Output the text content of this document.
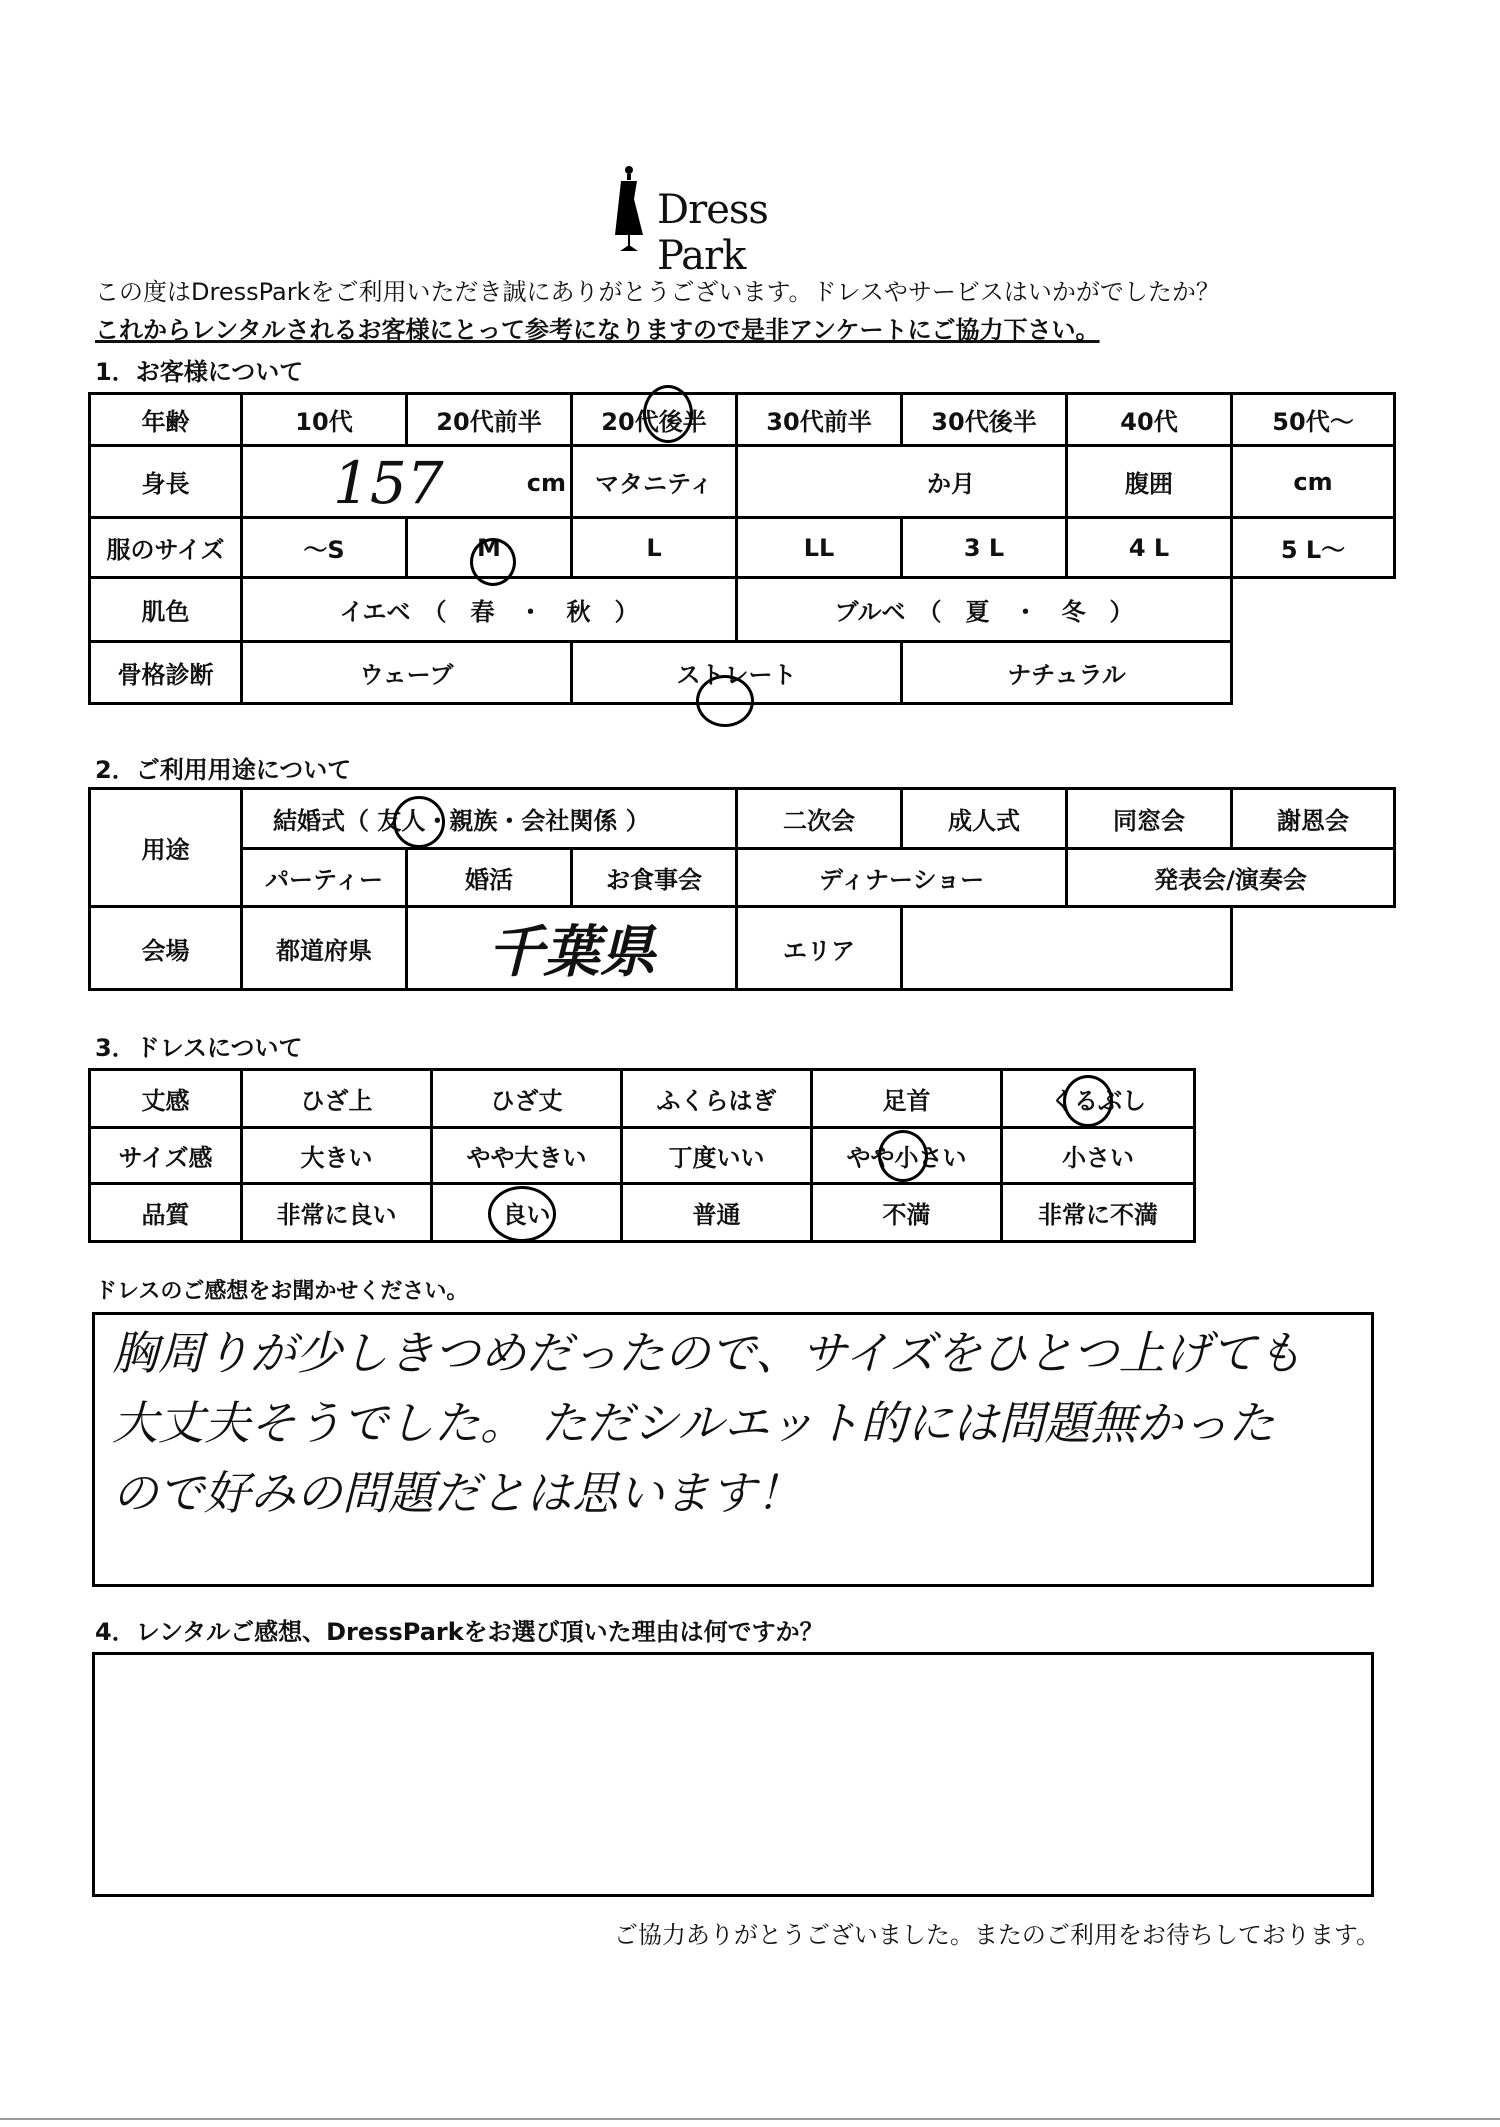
Dress Park
この度はDressParkをご利用いただき誠にありがとうございます。ドレスやサービスはいかがでしたか？
これからレンタルされるお客様にとって参考になりますので是非アンケートにご協力下さい。
1．お客様について
年齢	10代	20代前半	20代後半	30代前半	30代後半	40代	50代～
身長	157 cm		マタニティ	か月		腹囲	cm
服のサイズ	～S	M	L	LL	3 L	4 L	5 L～
肌色	イエベ　（　春　・　秋　）			ブルベ　（　夏　・　冬　）			
骨格診断	ウェーブ		ストレート		ナチュラル		
2．ご利用用途について
用途	結婚式（ 友人・親族・会社関係 ）			二次会	成人式	同窓会	謝恩会
	パーティー	婚活	お食事会	ディナーショー		発表会/演奏会	
会場	都道府県	千葉県		エリア			
3．ドレスについて
丈感	ひざ上	ひざ丈	ふくらはぎ	足首	くるぶし
サイズ感	大きい	やや大きい	丁度いい	やや小さい	小さい
品質	非常に良い	良い	普通	不満	非常に不満
ドレスのご感想をお聞かせください。
胸周りが少しきつめだったので、サイズをひとつ上げても
大丈夫そうでした。 ただシルエット的には問題無かった
ので好みの問題だとは思います！
4．レンタルご感想、DressParkをお選び頂いた理由は何ですか？
ご協力ありがとうございました。またのご利用をお待ちしております。
